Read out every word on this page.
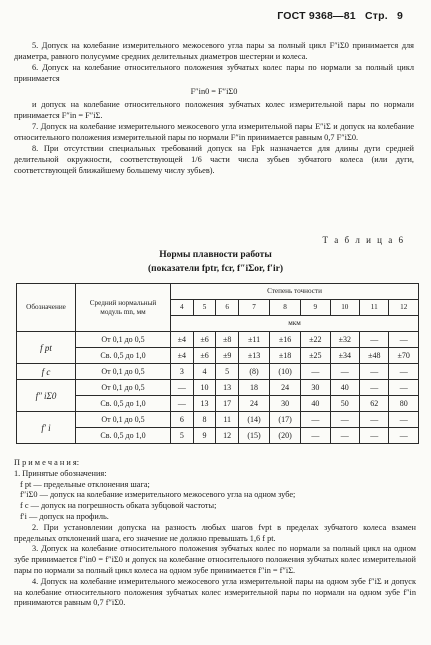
ГОСТ 9368—81 Стр. 9

5. Допуск на колебание измерительного межосевого угла пары за полный цикл F″iΣ0 принимается для диаметра, равного полусумме средних делительных диаметров шестерни и колеса.

6. Допуск на колебание относительного положения зубчатых колес пары по нормали за полный цикл принимается

F″in0 = F″iΣ0

и допуск на колебание относительного положения зубчатых колес измерительной пары по нормали принимается F″in = F″iΣ.

7. Допуск на колебание измерительного межосевого угла измерительной пары E″iΣ и допуск на колебание относительного положения измерительной пары по нормали F″in принимается равным 0,7 F″iΣ0.

8. При отсутствии специальных требований допуск на Fpk назначается для длины дуги средней делительной окружности, соответствующей 1/6 части числа зубьев зубчатого колеса (или дуги, соответствующей ближайшему большему числу зубьев).

Т а б л и ц а 6
Нормы плавности работы
(показатели fptr, fcr, f″iΣor, f′ir)
Обозначение	Средний нормальный модуль mn, мм	Степень точности								
		4	5	6	7	8	9	10	11	12
		мкм								
f pt	От 0,1 до 0,5	±4	±6	±8	±11	±16	±22	±32	—	—
	Св. 0,5 до 1,0	±4	±6	±9	±13	±18	±25	±34	±48	±70
f c	От 0,1 до 0,5	3	4	5	(8)	(10)	—	—	—	—
f″ iΣ0	От 0,1 до 0,5	—	10	13	18	24	30	40	—	—
	Св. 0,5 до 1,0	—	13	17	24	30	40	50	62	80
f′ i	От 0,1 до 0,5	6	8	11	(14)	(17)	—	—	—	—
	Св. 0,5 до 1,0	5	9	12	(15)	(20)	—	—	—	—

П р и м е ч а н и я:

1. Принятые обозначения:

f pt — предельные отклонения шага;

f″iΣ0 — допуск на колебание измерительного межосевого угла на одном зубе;

f c — допуск на погрешность обката зубцовой частоты;

f′i — допуск на профиль.

2. При установлении допуска на разность любых шагов fvpt в пределах зубчатого колеса взамен предельных отклонений шага, его значение не должно превышать 1,6 f pt.

3. Допуск на колебание относительного положения зубчатых колес по нормали за полный цикл на одном зубе принимается f″in0 = f″iΣ0 и допуск на колебание относительного положения зубчатых колес измерительной пары по нормали за полный цикл колеса на одном зубе принимается f″in = f″iΣ.

4. Допуск на колебание измерительного межосевого угла измерительной пары на одном зубе f″iΣ и допуск на колебание относительного положения зубчатых колес измерительной пары по нормали на одном зубе f″in принимаются равным 0,7 f″iΣ0.
